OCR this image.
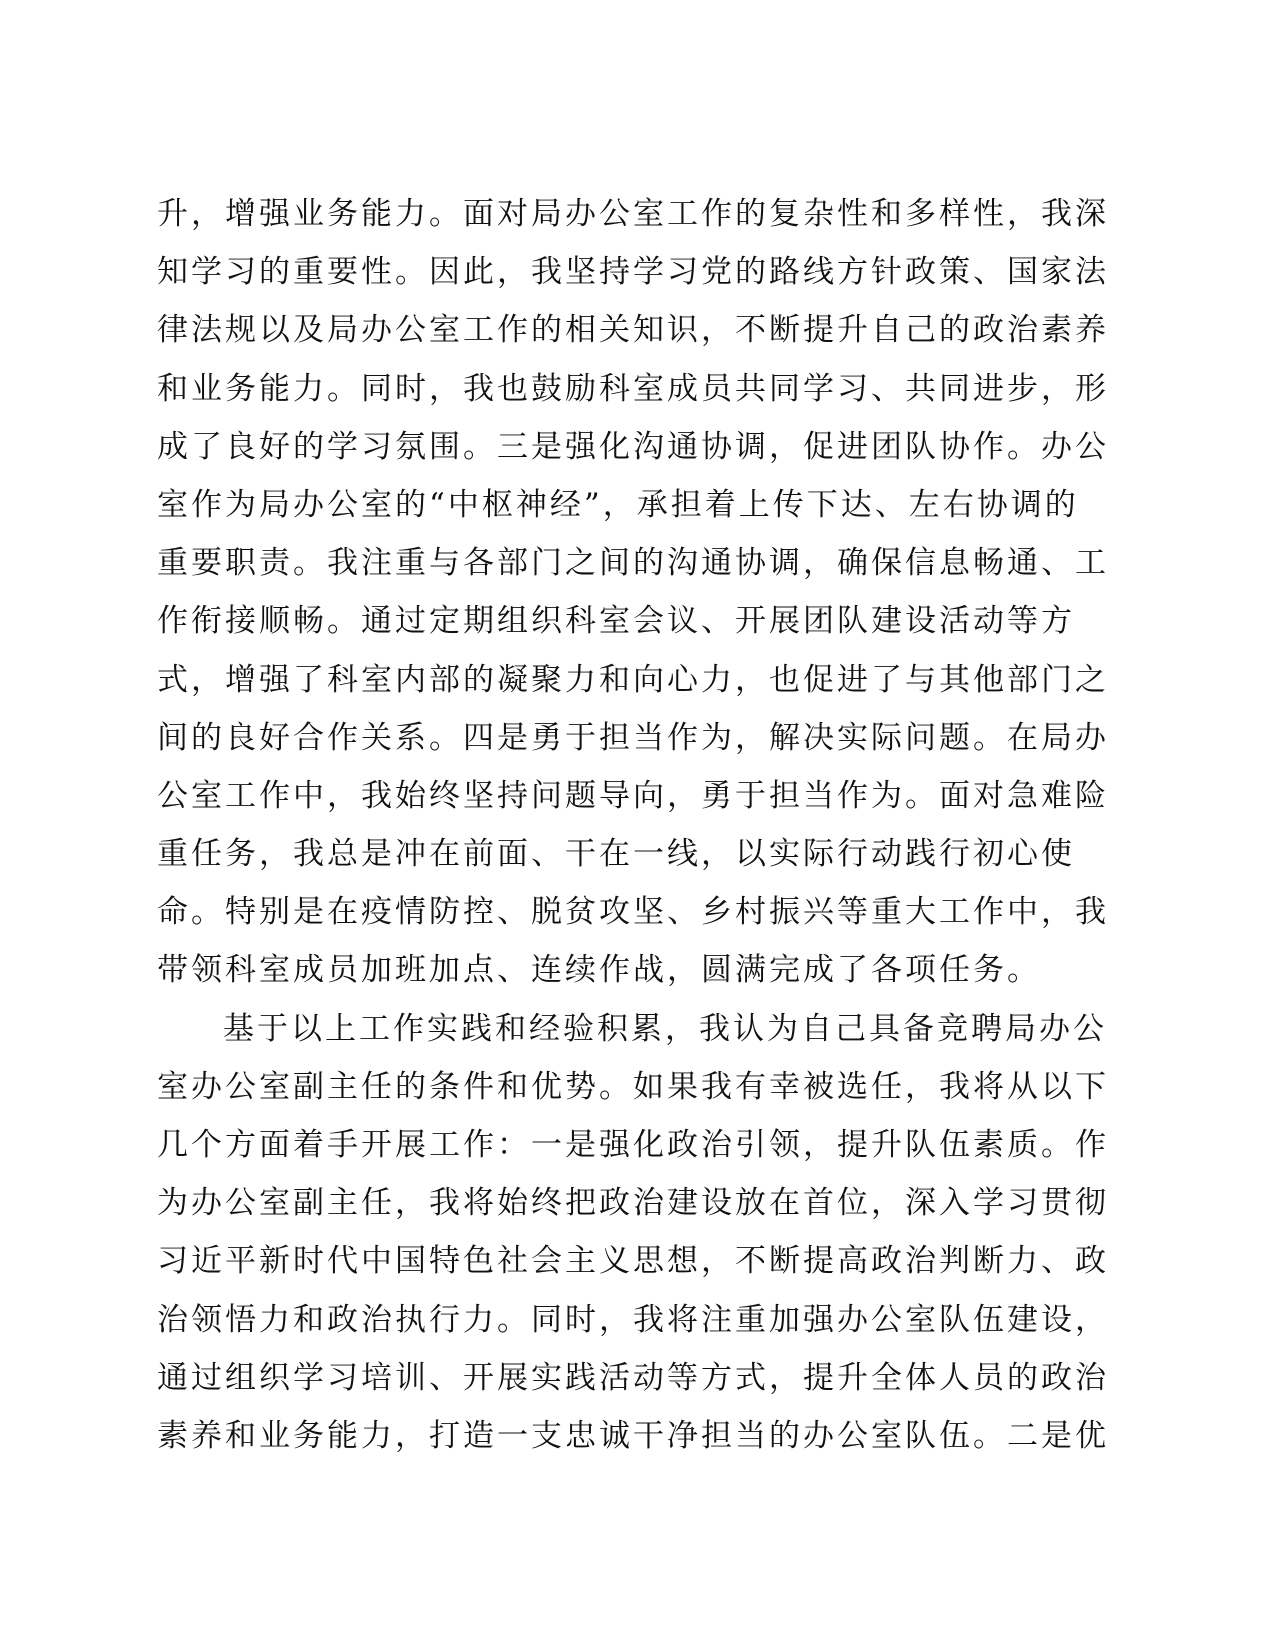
升，增强业务能力。面对局办公室工作的复杂性和多样性，我深
知学习的重要性。因此，我坚持学习党的路线方针政策、国家法
律法规以及局办公室工作的相关知识，不断提升自己的政治素养
和业务能力。同时，我也鼓励科室成员共同学习、共同进步，形
成了良好的学习氛围。三是强化沟通协调，促进团队协作。办公
室作为局办公室的“中枢神经”，承担着上传下达、左右协调的
重要职责。我注重与各部门之间的沟通协调，确保信息畅通、工
作衔接顺畅。通过定期组织科室会议、开展团队建设活动等方
式，增强了科室内部的凝聚力和向心力，也促进了与其他部门之
间的良好合作关系。四是勇于担当作为，解决实际问题。在局办
公室工作中，我始终坚持问题导向，勇于担当作为。面对急难险
重任务，我总是冲在前面、干在一线，以实际行动践行初心使
命。特别是在疫情防控、脱贫攻坚、乡村振兴等重大工作中，我
带领科室成员加班加点、连续作战，圆满完成了各项任务。
基于以上工作实践和经验积累，我认为自己具备竞聘局办公
室办公室副主任的条件和优势。如果我有幸被选任，我将从以下
几个方面着手开展工作：一是强化政治引领，提升队伍素质。作
为办公室副主任，我将始终把政治建设放在首位，深入学习贯彻
习近平新时代中国特色社会主义思想，不断提高政治判断力、政
治领悟力和政治执行力。同时，我将注重加强办公室队伍建设，
通过组织学习培训、开展实践活动等方式，提升全体人员的政治
素养和业务能力，打造一支忠诚干净担当的办公室队伍。二是优
